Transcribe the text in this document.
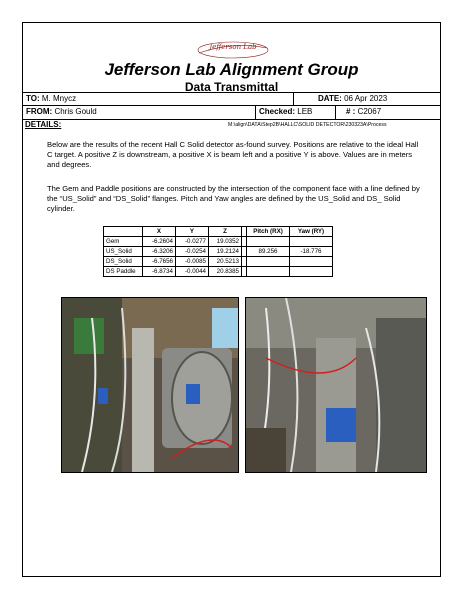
Jefferson Lab
Jefferson Lab Alignment Group
Data Transmittal
TO: M. Mnycz	DATE: 06 Apr 2023
FROM: Chris Gould	Checked: LEB	# : C2067
DETAILS:	M:\align\DATA\Step2B\HALLC\SOLID DETECTOR\230323A\Process
Below are the results of the recent Hall C Solid detector as-found survey. Positions are relative to the ideal Hall C target. A positive Z is downstream, a positive X is beam left and a positive Y is above. Values are in meters and degrees.
The Gem and Paddle positions are constructed by the intersection of the component face with a line defined by the “US_Solid” and “DS_Solid” flanges. Pitch and Yaw angles are defined by the US_Solid and DS_ Solid cylinder.
	X	Y	Z		Pitch (RX)	Yaw (RY)
Gem	-6.2604	-0.0277	19.0352			
US_Solid	-6.3206	-0.0254	19.2124		89.256	-18.776
DS_Solid	-6.7656	-0.0085	20.5213			
DS Paddle	-6.8734	-0.0044	20.8385			
